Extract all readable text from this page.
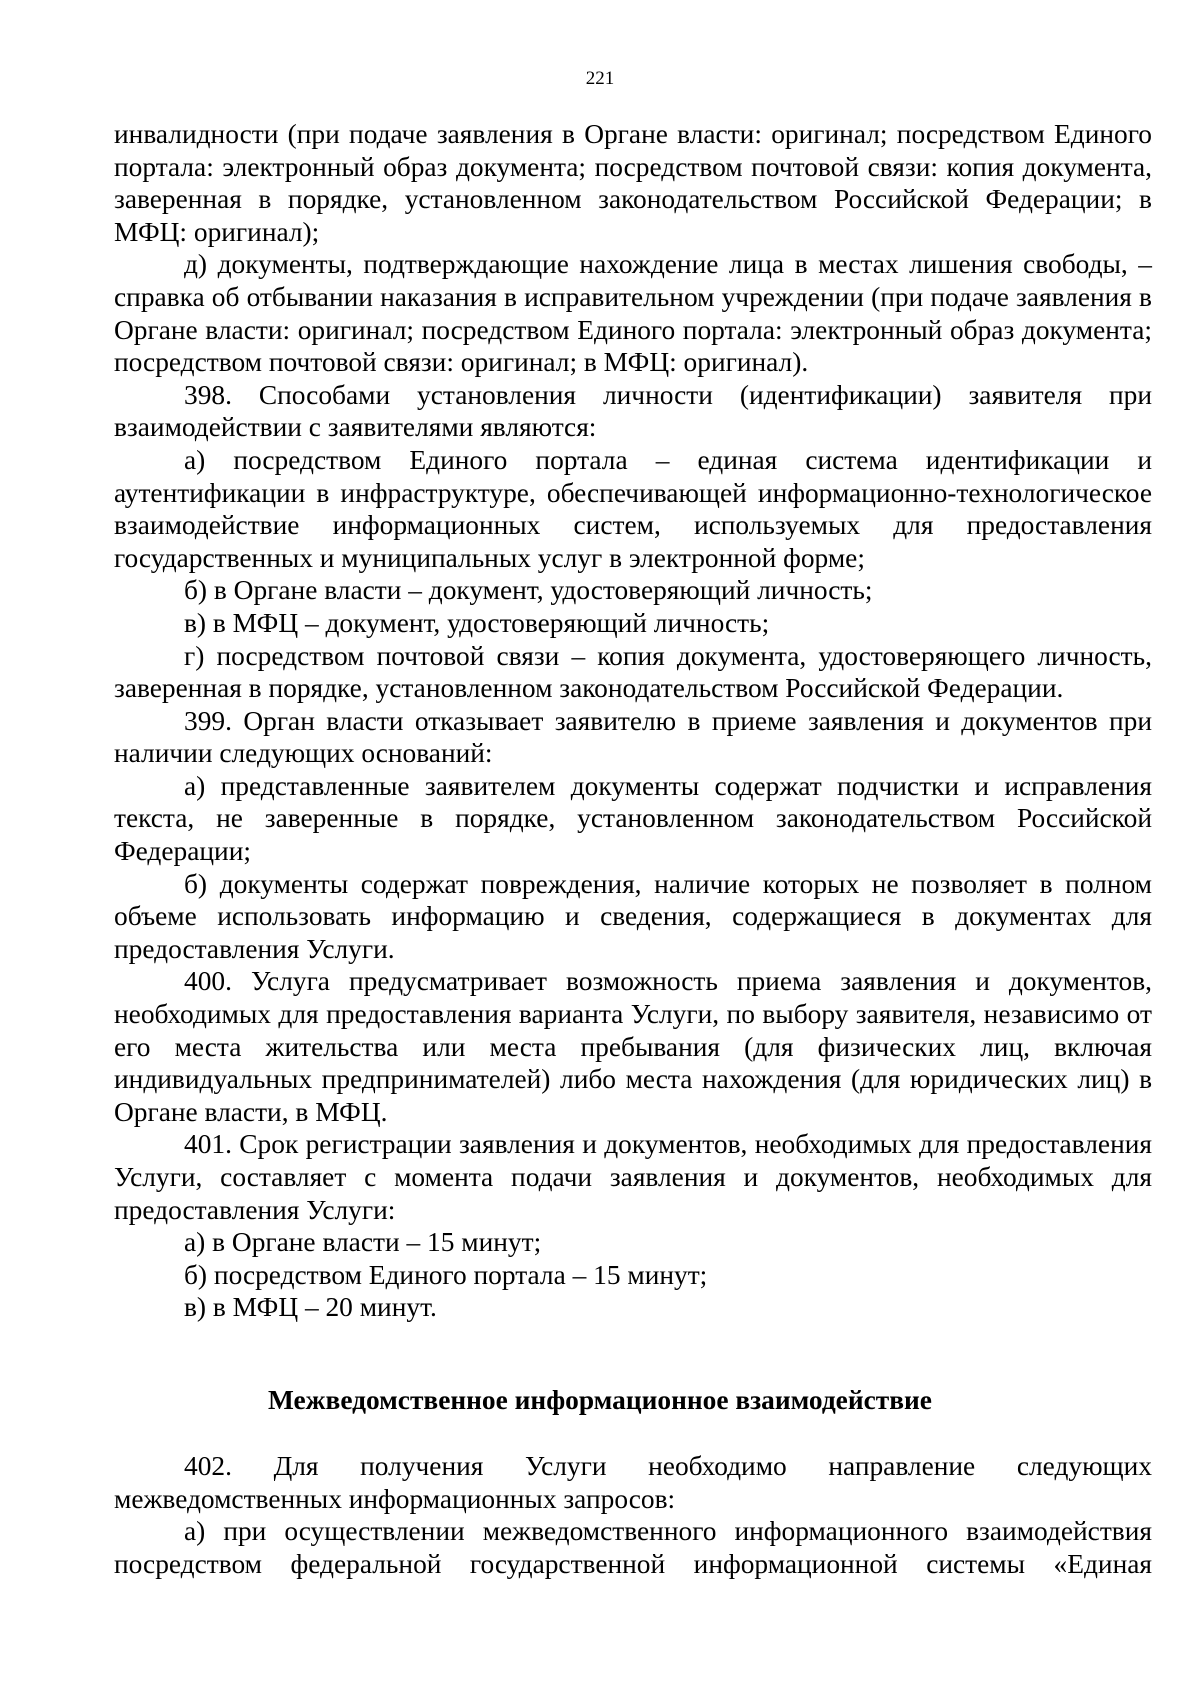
221

инвалидности (при подаче заявления в Органе власти: оригинал; посредством Единого портала: электронный образ документа; посредством почтовой связи: копия документа, заверенная в порядке, установленном законодательством Российской Федерации; в МФЦ: оригинал);

д) документы, подтверждающие нахождение лица в местах лишения свободы, – справка об отбывании наказания в исправительном учреждении (при подаче заявления в Органе власти: оригинал; посредством Единого портала: электронный образ документа; посредством почтовой связи: оригинал; в МФЦ: оригинал).

398. Способами установления личности (идентификации) заявителя при взаимодействии с заявителями являются:

а) посредством Единого портала – единая система идентификации и аутентификации в инфраструктуре, обеспечивающей информационно-технологическое взаимодействие информационных систем, используемых для предоставления государственных и муниципальных услуг в электронной форме;

б) в Органе власти – документ, удостоверяющий личность;

в) в МФЦ – документ, удостоверяющий личность;

г) посредством почтовой связи – копия документа, удостоверяющего личность, заверенная в порядке, установленном законодательством Российской Федерации.

399. Орган власти отказывает заявителю в приеме заявления и документов при наличии следующих оснований:

а) представленные заявителем документы содержат подчистки и исправления текста, не заверенные в порядке, установленном законодательством Российской Федерации;

б) документы содержат повреждения, наличие которых не позволяет в полном объеме использовать информацию и сведения, содержащиеся в документах для предоставления Услуги.

400. Услуга предусматривает возможность приема заявления и документов, необходимых для предоставления варианта Услуги, по выбору заявителя, независимо от его места жительства или места пребывания (для физических лиц, включая индивидуальных предпринимателей) либо места нахождения (для юридических лиц) в Органе власти, в МФЦ.

401. Срок регистрации заявления и документов, необходимых для предоставления Услуги, составляет с момента подачи заявления и документов, необходимых для предоставления Услуги:

а) в Органе власти – 15 минут;

б) посредством Единого портала – 15 минут;

в) в МФЦ – 20 минут.

Межведомственное информационное взаимодействие

402. Для получения Услуги необходимо направление следующих межведомственных информационных запросов:

а) при осуществлении межведомственного информационного взаимодействия посредством федеральной государственной информационной системы «Единая
